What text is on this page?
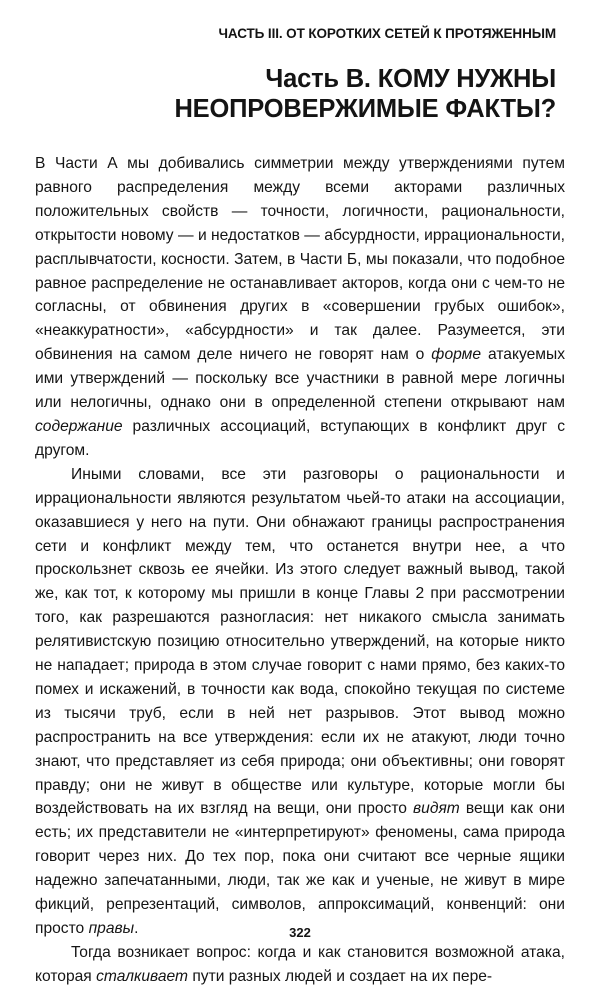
ЧАСТЬ III. ОТ КОРОТКИХ СЕТЕЙ К ПРОТЯЖЕННЫМ
Часть В. КОМУ НУЖНЫ
НЕОПРОВЕРЖИМЫЕ ФАКТЫ?

В Части А мы добивались симметрии между утверждениями путем равного распределения между всеми акторами различных положительных свойств — точности, логичности, рациональности, открытости новому — и недостатков — абсурдности, иррациональности, расплывчатости, косности. Затем, в Части Б, мы показали, что подобное равное распределение не останавливает акторов, когда они с чем-то не согласны, от обвинения других в «совершении грубых ошибок», «неаккуратности», «абсурдности» и так далее. Разумеется, эти обвинения на самом деле ничего не говорят нам о форме атакуемых ими утверждений — поскольку все участники в равной мере логичны или нелогичны, однако они в определенной степени открывают нам содержание различных ассоциаций, вступающих в конфликт друг с другом.

Иными словами, все эти разговоры о рациональности и иррациональности являются результатом чьей-то атаки на ассоциации, оказавшиеся у него на пути. Они обнажают границы распространения сети и конфликт между тем, что останется внутри нее, а что проскользнет сквозь ее ячейки. Из этого следует важный вывод, такой же, как тот, к которому мы пришли в конце Главы 2 при рассмотрении того, как разрешаются разногласия: нет никакого смысла занимать релятивистскую позицию относительно утверждений, на которые никто не нападает; природа в этом случае говорит с нами прямо, без каких-то помех и искажений, в точности как вода, спокойно текущая по системе из тысячи труб, если в ней нет разрывов. Этот вывод можно распространить на все утверждения: если их не атакуют, люди точно знают, что представляет из себя природа; они объективны; они говорят правду; они не живут в обществе или культуре, которые могли бы воздействовать на их взгляд на вещи, они просто видят вещи как они есть; их представители не «интерпретируют» феномены, сама природа говорит через них. До тех пор, пока они считают все черные ящики надежно запечатанными, люди, так же как и ученые, не живут в мире фикций, репрезентаций, символов, аппроксимаций, конвенций: они просто правы.

Тогда возникает вопрос: когда и как становится возможной атака, которая сталкивает пути разных людей и создает на их пере-

322
